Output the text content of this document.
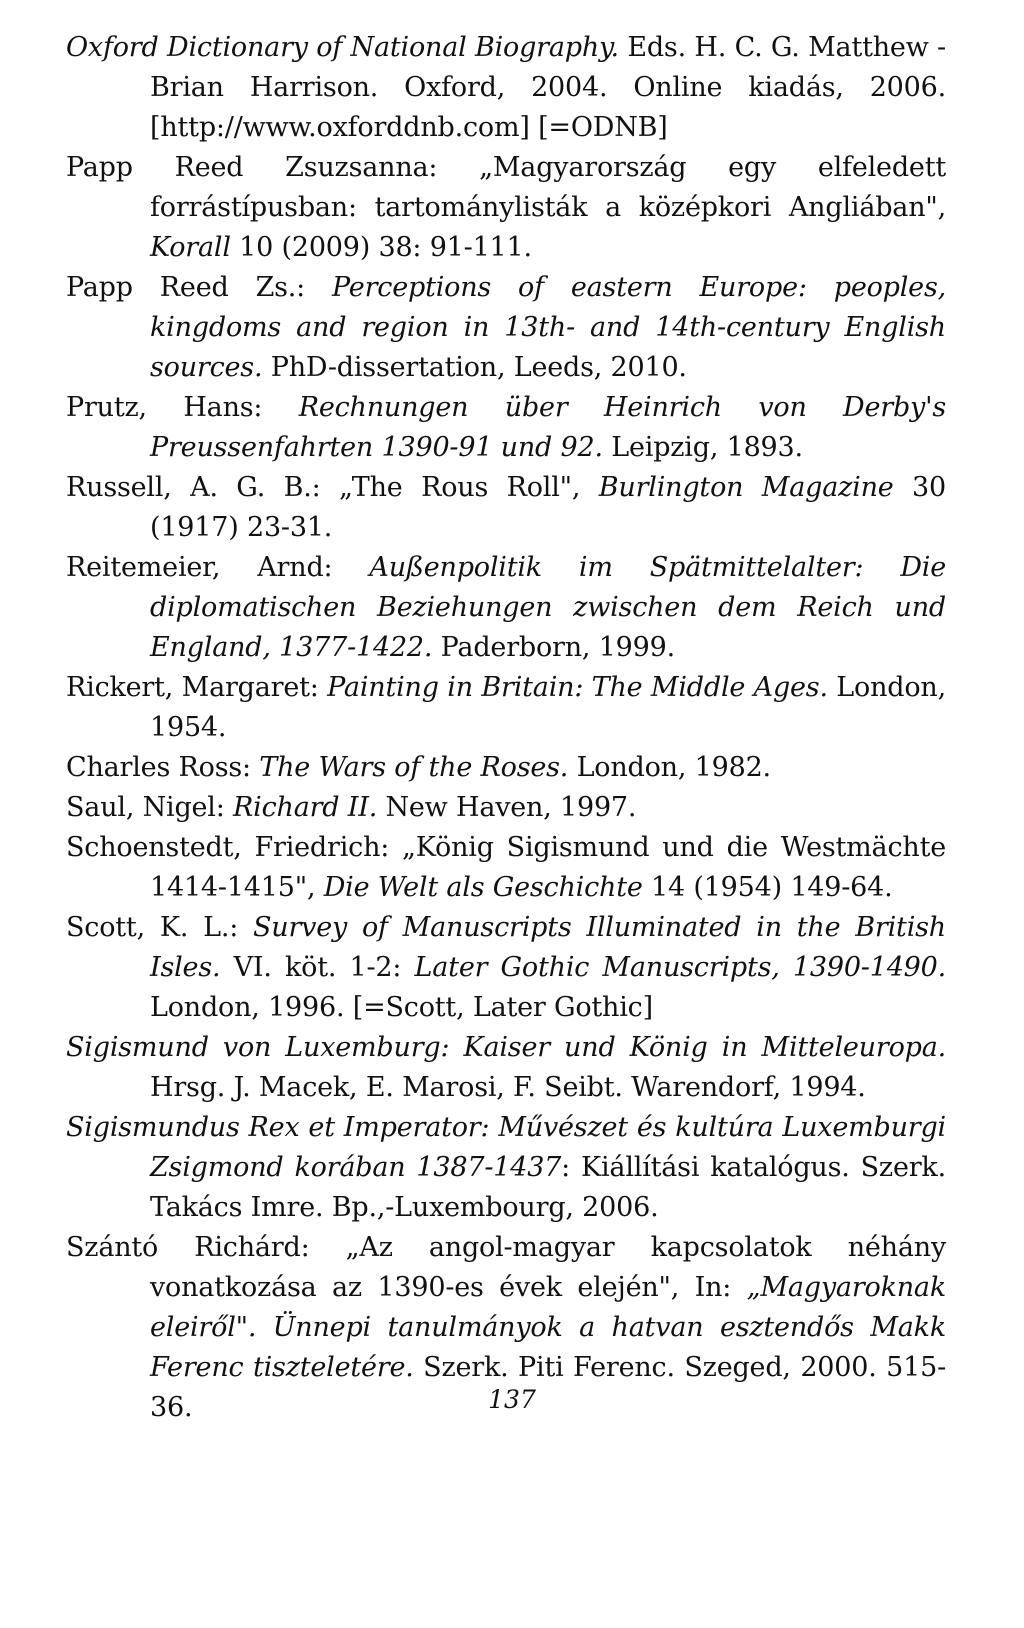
Oxford Dictionary of National Biography. Eds. H. C. G. Matthew - Brian Harrison. Oxford, 2004. Online kiadás, 2006. [http://www.oxforddnb.com] [=ODNB]

Papp Reed Zsuzsanna: „Magyarország egy elfeledett forrástípusban: tartománylisták a középkori Angliában", Korall 10 (2009) 38: 91-111.

Papp Reed Zs.: Perceptions of eastern Europe: peoples, kingdoms and region in 13th- and 14th-century English sources. PhD-dissertation, Leeds, 2010.

Prutz, Hans: Rechnungen über Heinrich von Derby's Preussenfahrten 1390-91 und 92. Leipzig, 1893.

Russell, A. G. B.: „The Rous Roll", Burlington Magazine 30 (1917) 23-31.

Reitemeier, Arnd: Außenpolitik im Spätmittelalter: Die diplomatischen Beziehungen zwischen dem Reich und England, 1377-1422. Paderborn, 1999.

Rickert, Margaret: Painting in Britain: The Middle Ages. London, 1954.

Charles Ross: The Wars of the Roses. London, 1982.

Saul, Nigel: Richard II. New Haven, 1997.

Schoenstedt, Friedrich: „König Sigismund und die Westmächte 1414-1415", Die Welt als Geschichte 14 (1954) 149-64.

Scott, K. L.: Survey of Manuscripts Illuminated in the British Isles. VI. köt. 1-2: Later Gothic Manuscripts, 1390-1490. London, 1996. [=Scott, Later Gothic]

Sigismund von Luxemburg: Kaiser und König in Mitteleuropa. Hrsg. J. Macek, E. Marosi, F. Seibt. Warendorf, 1994.

Sigismundus Rex et Imperator: Művészet és kultúra Luxemburgi Zsigmond korában 1387-1437: Kiállítási katalógus. Szerk. Takács Imre. Bp.,-Luxembourg, 2006.

Szántó Richárd: „Az angol-magyar kapcsolatok néhány vonatkozása az 1390-es évek elején", In: „Magyaroknak eleiről". Ünnepi tanulmányok a hatvan esztendős Makk Ferenc tiszteletére. Szerk. Piti Ferenc. Szeged, 2000. 515-36.	137
